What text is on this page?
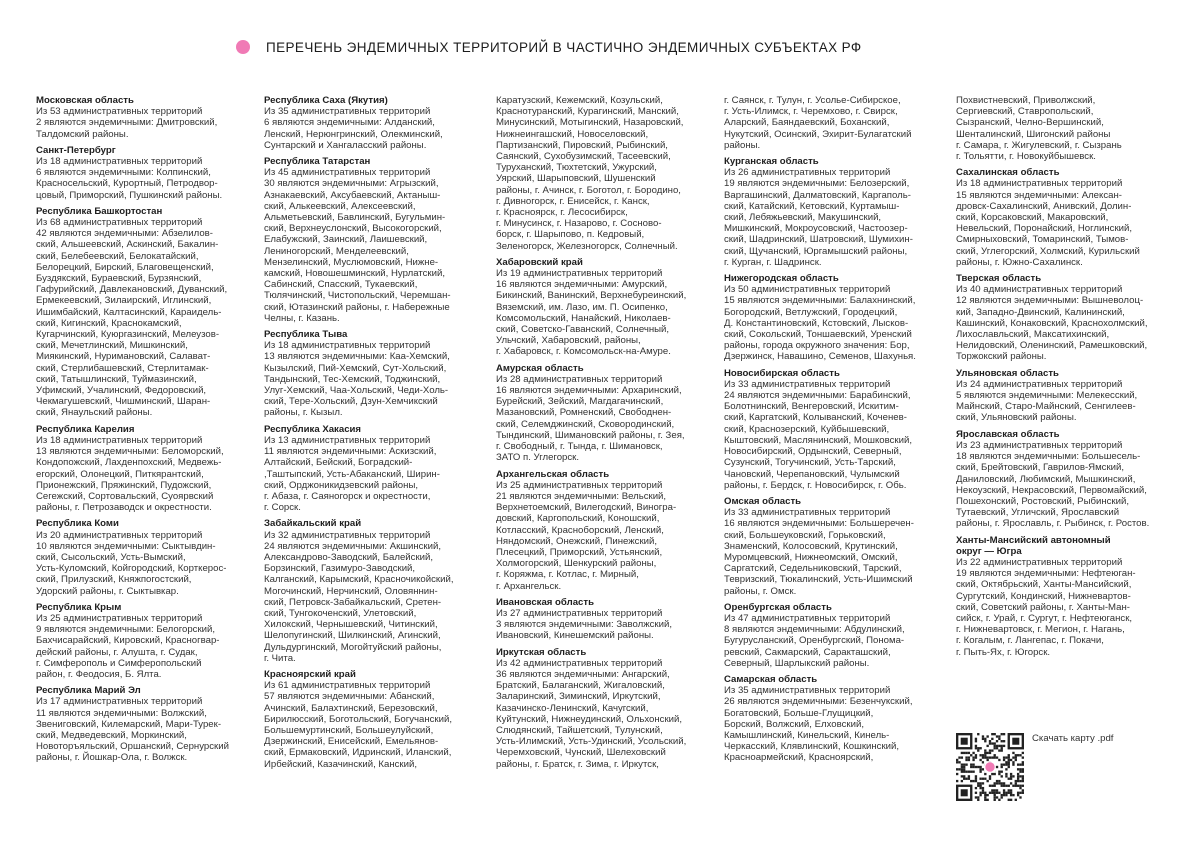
ПЕРЕЧЕНЬ ЭНДЕМИЧНЫХ ТЕРРИТОРИЙ В ЧАСТИЧНО ЭНДЕМИЧНЫХ СУБЪЕКТАХ РФ
Московская область
Из 53 административных территорий
2 являются эндемичными: Дмитровский,
Талдомский районы.
Санкт-Петербург
Из 18 административных территорий
6 являются эндемичными: Колпинский,
Красносельский, Курортный, Петродвор-
цовый, Приморский, Пушкинский районы.
Республика Башкортостан
Из 68 административных территорий
42 являются эндемичными: Абзелилов-
ский, Альшеевский, Аскинский, Бакалин-
ский, Белебеевский, Белокатайский,
Белорецкий, Бирский, Благовещенский,
Буздякский, Бураевский, Бурзянский,
Гафурийский, Давлекановский, Дуванский,
Ермекеевский, Зилаирский, Иглинский,
Ишимбайский, Калтасинский, Караидель-
ский, Кигинский, Краснокамский,
Кугарчинский, Куюргазинский, Мелеузов-
ский, Мечетлинский, Мишкинский,
Миякинский, Нуримановский, Салават-
ский, Стерлибашевский, Стерлитамак-
ский, Татышлинский, Туймазинский,
Уфимский, Учалинский, Федоровский,
Чекмагушевский, Чишминский, Шаран-
ский, Янаульский районы.
Республика Карелия
Из 18 административных территорий
13 являются эндемичными: Беломорский,
Кондопожский, Лахденпохский, Медвежь-
егорский, Олонецкий, Питкярантский,
Прионежский, Пряжинский, Пудожский,
Сегежский, Сортовальский, Суоярвский
районы, г. Петрозаводск и окрестности.
Республика Коми
Из 20 административных территорий
10 являются эндемичными: Сыктывдин-
ский, Сысольский, Усть-Вымский,
Усть-Куломский, Койгородский, Корткерос-
ский, Прилузский, Княжпогостский,
Удорский районы, г. Сыктывкар.
Республика Крым
Из 25 административных территорий
9 являются эндемичными: Белогорский,
Бахчисарайский, Кировский, Красногвар-
дейский районы, г. Алушта, г. Судак,
г. Симферополь и Симферопольский
район, г. Феодосия, Б. Ялта.
Республика Марий Эл
Из 17 административных территорий
11 являются эндемичными: Волжский,
Звениговский, Килемарский, Мари-Турек-
ский, Медведевский, Моркинский,
Новоторъяльский, Оршанский, Сернурский
районы, г. Йошкар-Ола, г. Волжск.
Республика Саха (Якутия)
Из 35 административных территорий
6 являются эндемичными: Алданский,
Ленский, Нерюнгринский, Олекминский,
Сунтарский и Хангаласский районы.
Республика Татарстан
Из 45 административных территорий
30 являются эндемичными: Агрызский,
Азнакаевский, Аксубаевский, Актаныш-
ский, Алькеевский, Алексеевский,
Альметьевский, Бавлинский, Бугульмин-
ский, Верхнеуслонский, Высокогорский,
Елабужский, Заинский, Лаишевский,
Лениногорский, Менделеевский,
Мензелинский, Муслюмовский, Нижне-
камский, Новошешминский, Нурлатский,
Сабинский, Спасский, Тукаевский,
Тюлячинский, Чистопольский, Черемшан-
ский, Ютазинский районы, г. Набережные
Челны, г. Казань.
Республика Тыва
Из 18 административных территорий
13 являются эндемичными: Каа-Хемский,
Кызылский, Пий-Хемский, Сут-Хольский,
Тандынский, Тес-Хемский, Тоджинский,
Улуг-Хемский, Чаа-Хольский, Чеди-Холь-
ский, Тере-Хольский, Дзун-Хемчикский
районы, г. Кызыл.
Республика Хакасия
Из 13 административных территорий
11 являются эндемичными: Аскизский,
Алтайский, Бейский, Боградский-
,Таштыпский, Усть-Абаканский, Ширин-
ский, Орджоникидзевский районы,
г. Абаза, г. Саяногорск и окрестности,
г. Сорск.
Забайкальский край
Из 32 административных территорий
24 являются эндемичными: Акшинский,
Александрово-Заводский, Балейский,
Борзинский, Газимуро-Заводский,
Калганский, Карымский, Красночикойский,
Могочинский, Нерчинский, Оловяннин-
ский, Петровск-Забайкальский, Сретен-
ский, Тунгокоченский, Улетовский,
Хилокский, Чернышевский, Читинский,
Шелопугинский, Шилкинский, Агинский,
Дульдургинский, Могойтуйский районы,
г. Чита.
Красноярский край
Из 61 административных территорий
57 являются эндемичными: Абанский,
Ачинский, Балахтинский, Березовский,
Бирилюсский, Боготольский, Богучанский,
Большемуртинский, Большеулуйский,
Дзержинский, Енисейский, Емельянов-
ский, Ермаковский, Идринский, Иланский,
Ирбейский, Казачинский, Канский,
Каратузский, Кежемский, Козульский,
Краснотуранский, Курагинский, Манский,
Минусинский, Мотыгинский, Назаровский,
Нижнеингашский, Новоселовский,
Партизанский, Пировский, Рыбинский,
Саянский, Сухобузимский, Тасеевский,
Туруханский, Тюхтетский, Ужурский,
Уярский, Шарыповский, Шушенский
районы, г. Ачинск, г. Боготол, г. Бородино,
г. Дивногорск, г. Енисейск, г. Канск,
г. Красноярск, г. Лесосибирск,
г. Минусинск, г. Назарово, г. Сосново-
борск, г. Шарыпово, п. Кедровый,
Зеленогорск, Железногорск, Солнечный.
Хабаровский край
Из 19 административных территорий
16 являются эндемичными: Амурский,
Бикинский, Ванинский, Верхнебуреинский,
Вяземский, им. Лазо, им. П. Осипенко,
Комсомольский, Нанайский, Николаев-
ский, Советско-Гаванский, Солнечный,
Ульчский, Хабаровский, районы,
г. Хабаровск, г. Комсомольск-на-Амуре.
Амурская область
Из 28 административных территорий
16 являются эндемичными: Архаринский,
Бурейский, Зейский, Магдагачинский,
Мазановский, Ромненский, Свободнен-
ский, Селемджинский, Сковородинский,
Тындинский, Шимановский районы, г. Зея,
г. Свободный, г. Тында, г. Шимановск,
ЗАТО п. Углегорск.
Архангельская область
Из 25 административных территорий
21 являются эндемичными: Вельский,
Верхнетоемский, Вилегодский, Виногра-
довский, Каргопольский, Коношский,
Котласский, Красноборский, Ленский,
Няндомский, Онежский, Пинежский,
Плесецкий, Приморский, Устьянский,
Холмогорский, Шенкурский районы,
г. Коряжма, г. Котлас, г. Мирный,
г. Архангельск.
Ивановская область
Из 27 административных территорий
3 являются эндемичными: Заволжский,
Ивановский, Кинешемский районы.
Иркутская область
Из 42 административных территорий
36 являются эндемичными: Ангарский,
Братский, Балаганский, Жигаловский,
Заларинский, Зиминский, Иркутский,
Казачинско-Ленинский, Качугский,
Куйтунский, Нижнеудинский, Ольхонский,
Слюдянский, Тайшетский, Тулунский,
Усть-Илимский, Усть-Удинский, Усольский,
Черемховский, Чунский, Шелеховский
районы, г. Братск, г. Зима, г. Иркутск,
г. Саянск, г. Тулун, г. Усолье-Сибирское,
г. Усть-Илимск, г. Черемхово, г. Свирск,
Аларский, Баяндаевский, Боханский,
Нукутский, Осинский, Эхирит-Булагатский
районы.
Курганская область
Из 26 административных территорий
19 являются эндемичными: Белозерский,
Варгашинский, Далматовский, Каргаполь-
ский, Катайский, Кетовский, Куртамыш-
ский, Лебяжьевский, Макушинский,
Мишкинский, Мокроусовский, Частоозер-
ский, Шадринский, Шатровский, Шумихин-
ский, Щучанский, Юргамышский районы,
г. Курган, г. Шадринск.
Нижегородская область
Из 50 административных территорий
15 являются эндемичными: Балахнинский,
Богородский, Ветлужский, Городецкий,
Д. Константиновский, Кстовский, Лысков-
ский, Сокольский, Тоншаевский, Уренский
районы, города окружного значения: Бор,
Дзержинск, Навашино, Семенов, Шахунья.
Новосибирская область
Из 33 административных территорий
24 являются эндемичными: Барабинский,
Болотнинский, Венгеровский, Искитим-
ский, Каргатский, Колыванский, Коченев-
ский, Краснозерский, Куйбышевский,
Кыштовский, Маслянинский, Мошковский,
Новосибирский, Ордынский, Северный,
Сузунский, Тогучинский, Усть-Тарский,
Чановский, Черепановский, Чулымский
районы, г. Бердск, г. Новосибирск, г. Обь.
Омская область
Из 33 административных территорий
16 являются эндемичными: Большеречен-
ский, Большеуковский, Горьковский,
Знаменский, Колосовский, Крутинский,
Муромцевский, Нижнеомский, Омский,
Саргатский, Седельниковский, Тарский,
Тевризский, Тюкалинский, Усть-Ишимский
районы, г. Омск.
Оренбургская область
Из 47 административных территорий
8 являются эндемичными: Абдулинский,
Бугурусланский, Оренбургский, Понома-
ревский, Сакмарский, Саракташский,
Северный, Шарлыкский районы.
Самарская область
Из 35 административных территорий
26 являются эндемичными: Безенчукский,
Богатовский, Больше-Глущицкий,
Борский, Волжский, Елховский,
Камышлинский, Кинельский, Кинель-
Черкасский, Клявлинский, Кошкинский,
Красноармейский, Красноярский,
Похвистневский, Приволжский,
Сергиевский, Ставропольский,
Сызранский, Челно-Вершинский,
Шенталинский, Шигонский районы
г. Самара, г. Жигулевский, г. Сызрань
г. Тольятти, г. Новокуйбышевск.
Сахалинская область
Из 18 административных территорий
15 являются эндемичными: Алексан-
дровск-Сахалинский, Анивский, Долин-
ский, Корсаковский, Макаровский,
Невельский, Поронайский, Ноглинский,
Смирныховский, Томаринский, Тымов-
ский, Углегорский, Холмский, Курильский
районы, г. Южно-Сахалинск.
Тверская область
Из 40 административных территорий
12 являются эндемичными: Вышневолоц-
кий, Западно-Двинский, Калининский,
Кашинский, Конаковский, Краснохолмский,
Лихославльский, Максатихинский,
Нелидовский, Оленинский, Рамешковский,
Торжокский районы.
Ульяновская область
Из 24 административных территорий
5 являются эндемичными: Мелекесский,
Майнский, Старо-Майнский, Сенгилеев-
ский, Ульяновский районы.
Ярославская область
Из 23 административных территорий
18 являются эндемичными: Большесель-
ский, Брейтовский, Гаврилов-Ямский,
Даниловский, Любимский, Мышкинский,
Некоузский, Некрасовский, Первомайский,
Пошехонский, Ростовский, Рыбинский,
Тутаевский, Угличский, Ярославский
районы, г. Ярославль, г. Рыбинск, г. Ростов.
Ханты-Мансийский автономный
округ — Югра
Из 22 административных территорий
19 являются эндемичными: Нефтеюган-
ский, Октябрьский, Ханты-Мансийский,
Сургутский, Кондинский, Нижневартов-
ский, Советский районы, г. Ханты-Ман-
сийск, г. Урай, г. Сургут, г. Нефтеюганск,
г. Нижневартовск, г. Мегион, г. Нагань,
г. Когалым, г. Лангепас, г. Покачи,
г. Пыть-Ях, г. Югорск.
Скачать карту .pdf
